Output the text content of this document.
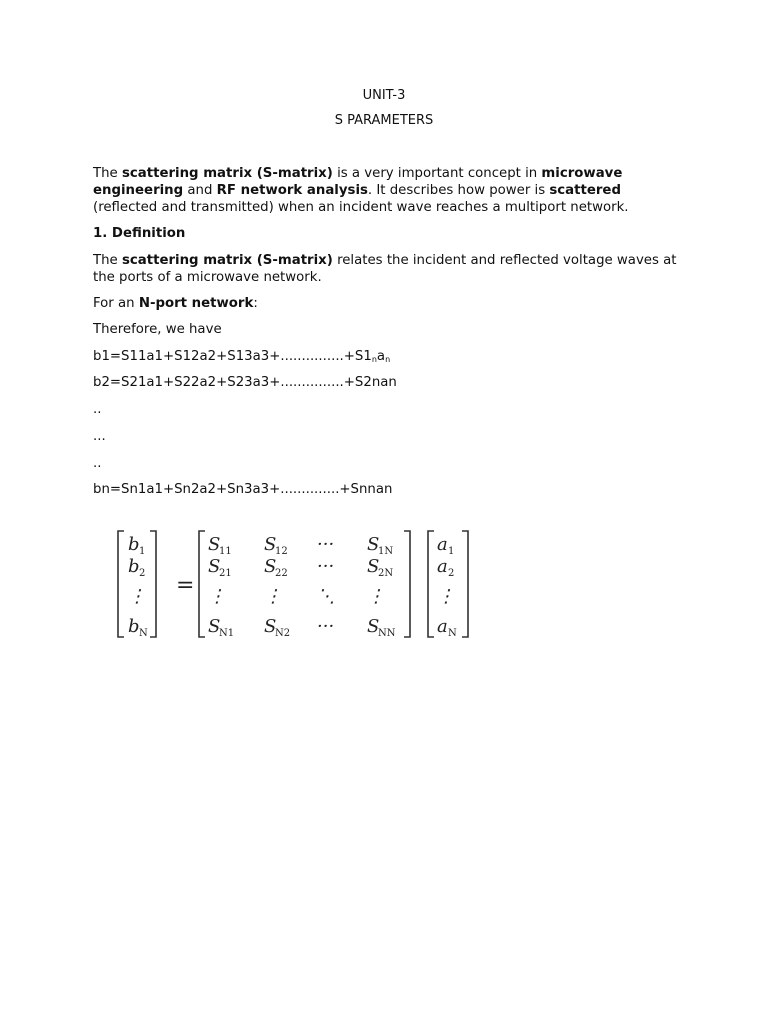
UNIT-3
S PARAMETERS

The scattering matrix (S-matrix) is a very important concept in microwave engineering and RF network analysis. It describes how power is scattered (reflected and transmitted) when an incident wave reaches a multiport network.

1. Definition

The scattering matrix (S-matrix) relates the incident and reflected voltage waves at the ports of a microwave network.

For an N-port network:

Therefore, we have

$b1=S11a1+S12a2+S13a3+...............+S1_na_n$

b2=S21a1+S22a2+S23a3+...............+S2nan

..

...

..

bn=Sn1a1+Sn2a2+Sn3a3+..............+Snnan

=
b 1
b 2
⋮
b N
S
11 S
12 ··· S
1N
S
21 S
22 ··· S
2N
⋮ ⋮ ⋱ ⋮
S
N1 S
N2 ··· S
NN
a 1
a 2
⋮
a N
